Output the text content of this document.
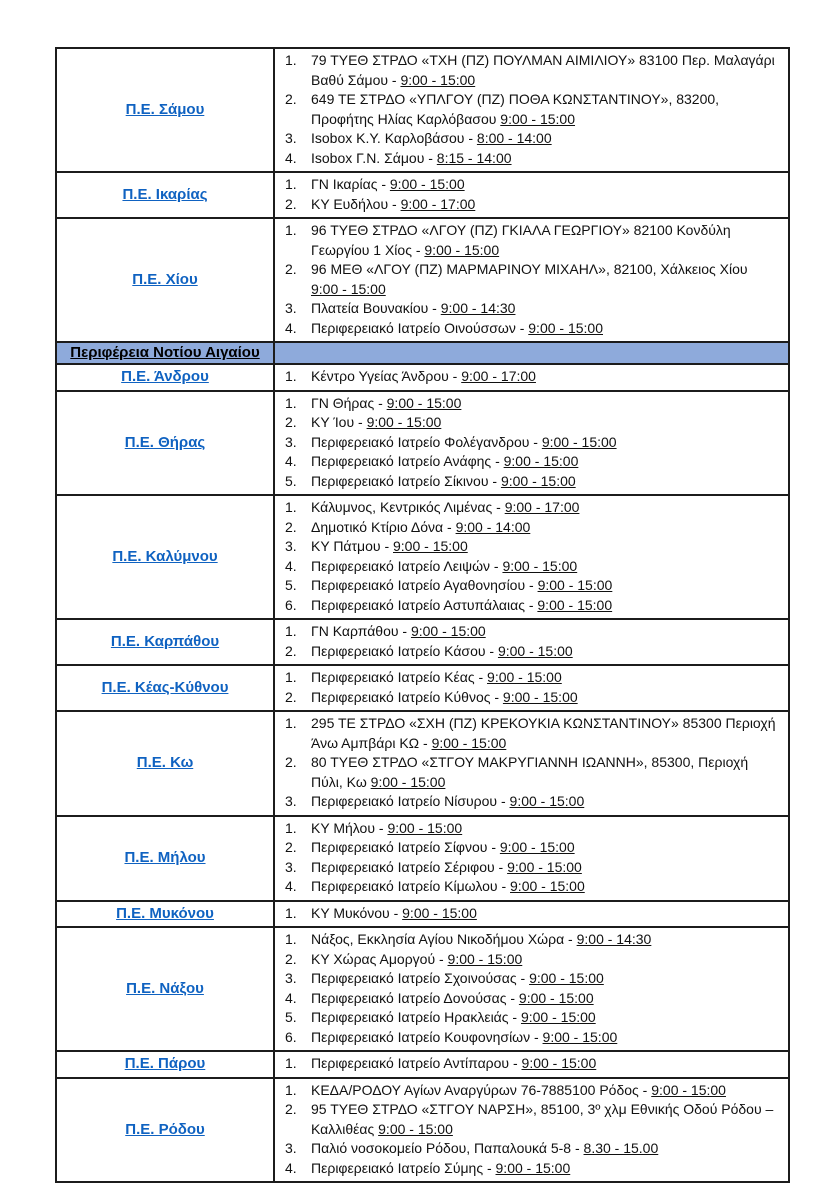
Π.Ε. Σάμου	
1.	79 ΤΥΕΘ ΣΤΡΔΟ «ΤΧΗ (ΠΖ) ΠΟΥΛΜΑΝ ΑΙΜΙΛΙΟΥ» 83100 Περ. Μαλαγάρι Βαθύ Σάμου - 9:00 - 15:00
2.	649 ΤΕ ΣΤΡΔΟ «ΥΠΛΓΟΥ (ΠΖ) ΠΟΘΑ ΚΩΝΣΤΑΝΤΙΝΟΥ», 83200, Προφήτης Ηλίας Καρλόβασου 9:00 - 15:00
3.	Isobox Κ.Υ. Καρλοβάσου - 8:00 - 14:00
4.	Isobox Γ.Ν. Σάμου - 8:15 - 14:00

Π.Ε. Ικαρίας	1. ΓΝ Ικαρίας - 9:00 - 15:00
2. ΚΥ Ευδήλου - 9:00 - 17:00

Π.Ε. Χίου	
1.	96 ΤΥΕΘ ΣΤΡΔΟ «ΛΓΟΥ (ΠΖ) ΓΚΙΑΛΑ ΓΕΩΡΓΙΟΥ» 82100 Κονδύλη Γεωργίου 1 Χίος - 9:00 - 15:00
2.	96 ΜΕΘ «ΛΓΟΥ (ΠΖ) ΜΑΡΜΑΡΙΝΟΥ ΜΙΧΑΗΛ», 82100, Χάλκειος Χίου 9:00 - 15:00
3.	Πλατεία Βουνακίου - 9:00 - 14:30
4.	Περιφερειακό Ιατρείο Οινούσσων - 9:00 - 15:00

Περιφέρεια Νοτίου Αιγαίου	
Π.Ε. Άνδρου	1. Κέντρο Υγείας Άνδρου - 9:00 - 17:00

Π.Ε. Θήρας	
1.	ΓΝ Θήρας - 9:00 - 15:00
2.	ΚΥ Ίου - 9:00 - 15:00
3.	Περιφερειακό Ιατρείο Φολέγανδρου - 9:00 - 15:00
4.	Περιφερειακό Ιατρείο Ανάφης - 9:00 - 15:00
5.	Περιφερειακό Ιατρείο Σίκινου - 9:00 - 15:00

Π.Ε. Καλύμνου	
1.	Κάλυμνος, Κεντρικός Λιμένας - 9:00 - 17:00
2.	Δημοτικό Κτίριο Δόνα - 9:00 - 14:00
3.	ΚΥ Πάτμου - 9:00 - 15:00
4.	Περιφερειακό Ιατρείο Λειψών - 9:00 - 15:00
5.	Περιφερειακό Ιατρείο Αγαθονησίου - 9:00 - 15:00
6.	Περιφερειακό Ιατρείο Αστυπάλαιας - 9:00 - 15:00

Π.Ε. Καρπάθου	1. ΓΝ Καρπάθου - 9:00 - 15:00
2. Περιφερειακό Ιατρείο Κάσου - 9:00 - 15:00

Π.Ε. Κέας-Κύθνου	1. Περιφερειακό Ιατρείο Κέας - 9:00 - 15:00
2. Περιφερειακό Ιατρείο Κύθνος - 9:00 - 15:00

Π.Ε. Κω	
1.	295 ΤΕ ΣΤΡΔΟ «ΣΧΗ (ΠΖ) ΚΡΕΚΟΥΚΙΑ ΚΩΝΣΤΑΝΤΙΝΟΥ» 85300 Περιοχή Άνω Αμπβάρι ΚΩ - 9:00 - 15:00
2.	80 ΤΥΕΘ ΣΤΡΔΟ «ΣΤΓΟΥ ΜΑΚΡΥΓΙΑΝΝΗ ΙΩΑΝΝΗ», 85300, Περιοχή Πύλι, Κω 9:00 - 15:00
3.	Περιφερειακό Ιατρείο Νίσυρου - 9:00 - 15:00

Π.Ε. Μήλου	
1.	ΚΥ Μήλου - 9:00 - 15:00
2.	Περιφερειακό Ιατρείο Σίφνου - 9:00 - 15:00
3.	Περιφερειακό Ιατρείο Σέριφου - 9:00 - 15:00
4.	Περιφερειακό Ιατρείο Κίμωλου - 9:00 - 15:00

Π.Ε. Μυκόνου	1. ΚΥ Μυκόνου - 9:00 - 15:00

Π.Ε. Νάξου	
1.	Νάξος, Εκκλησία Αγίου Νικοδήμου Χώρα - 9:00 - 14:30
2.	ΚΥ Χώρας Αμοργού - 9:00 - 15:00
3.	Περιφερειακό Ιατρείο Σχοινούσας - 9:00 - 15:00
4.	Περιφερειακό Ιατρείο Δονούσας - 9:00 - 15:00
5.	Περιφερειακό Ιατρείο Ηρακλειάς - 9:00 - 15:00
6.	Περιφερειακό Ιατρείο Κουφονησίων - 9:00 - 15:00

Π.Ε. Πάρου	1. Περιφερειακό Ιατρείο Αντίπαρου - 9:00 - 15:00

Π.Ε. Ρόδου	
1.	ΚΕΔΑ/ΡΟΔΟΥ Αγίων Αναργύρων 76-7885100 Ρόδος - 9:00 - 15:00
2.	95 ΤΥΕΘ ΣΤΡΔΟ «ΣΤΓΟΥ ΝΑΡΣΗ», 85100, 3º χλμ Εθνικής Οδού Ρόδου – Καλλιθέας 9:00 - 15:00
3.	Παλιό νοσοκομείο Ρόδου, Παπαλουκά 5-8 - 8.30 - 15.00
4.	Περιφερειακό Ιατρείο Σύμης - 9:00 - 15:00
